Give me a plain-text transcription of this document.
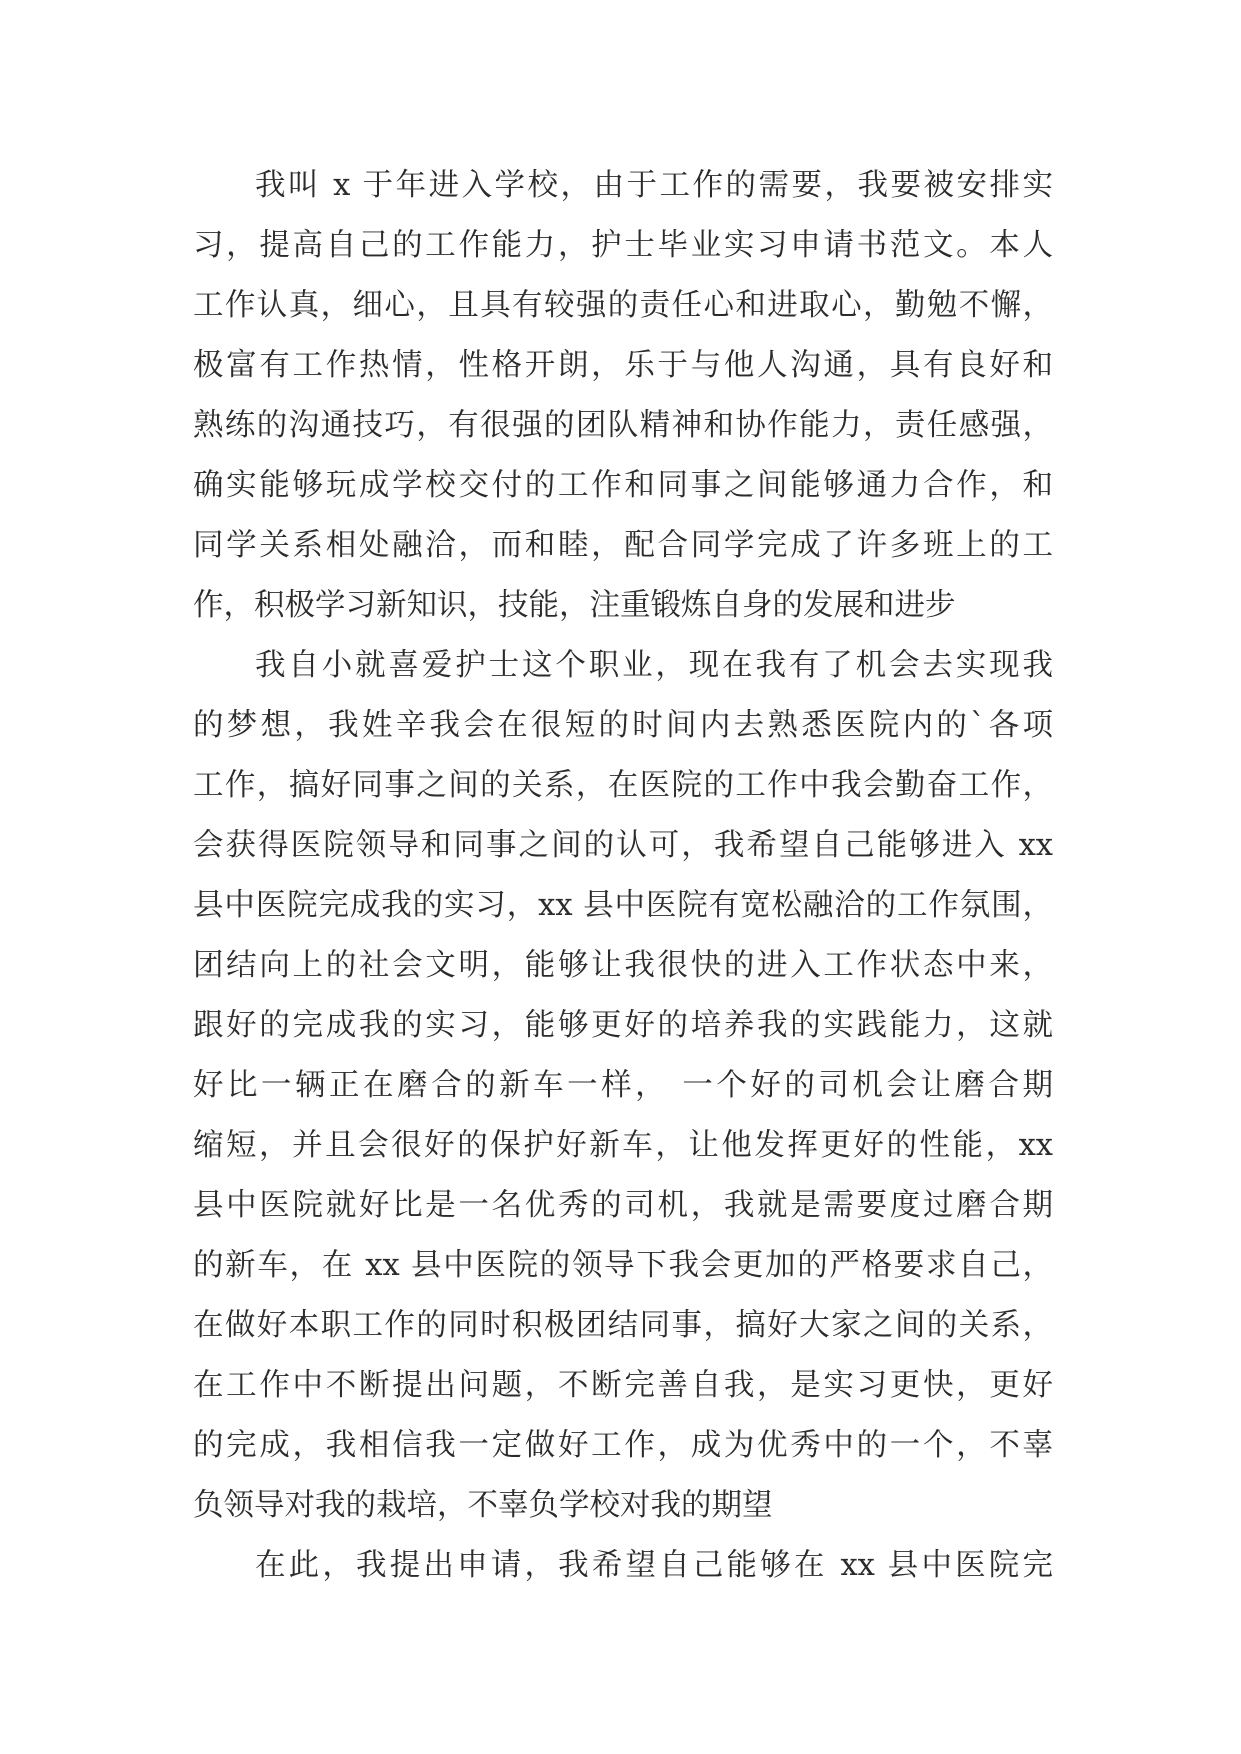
我叫 x 于年进入学校，由于工作的需要，我要被安排实
习，提高自己的工作能力，护士毕业实习申请书范文。本人
工作认真，细心，且具有较强的责任心和进取心，勤勉不懈，
极富有工作热情，性格开朗，乐于与他人沟通，具有良好和
熟练的沟通技巧，有很强的团队精神和协作能力，责任感强，
确实能够玩成学校交付的工作和同事之间能够通力合作，和
同学关系相处融洽，而和睦，配合同学完成了许多班上的工
作，积极学习新知识，技能，注重锻炼自身的发展和进步
我自小就喜爱护士这个职业，现在我有了机会去实现我
的梦想，我姓辛我会在很短的时间内去熟悉医院内的`各项
工作，搞好同事之间的关系，在医院的工作中我会勤奋工作，
会获得医院领导和同事之间的认可，我希望自己能够进入 xx
县中医院完成我的实习，xx 县中医院有宽松融洽的工作氛围，
团结向上的社会文明，能够让我很快的进入工作状态中来，
跟好的完成我的实习，能够更好的培养我的实践能力，这就
好比一辆正在磨合的新车一样， 一个好的司机会让磨合期
缩短，并且会很好的保护好新车，让他发挥更好的性能，xx
县中医院就好比是一名优秀的司机，我就是需要度过磨合期
的新车，在 xx 县中医院的领导下我会更加的严格要求自己，
在做好本职工作的同时积极团结同事，搞好大家之间的关系，
在工作中不断提出问题，不断完善自我，是实习更快，更好
的完成，我相信我一定做好工作，成为优秀中的一个，不辜
负领导对我的栽培，不辜负学校对我的期望
在此，我提出申请，我希望自己能够在 xx 县中医院完
